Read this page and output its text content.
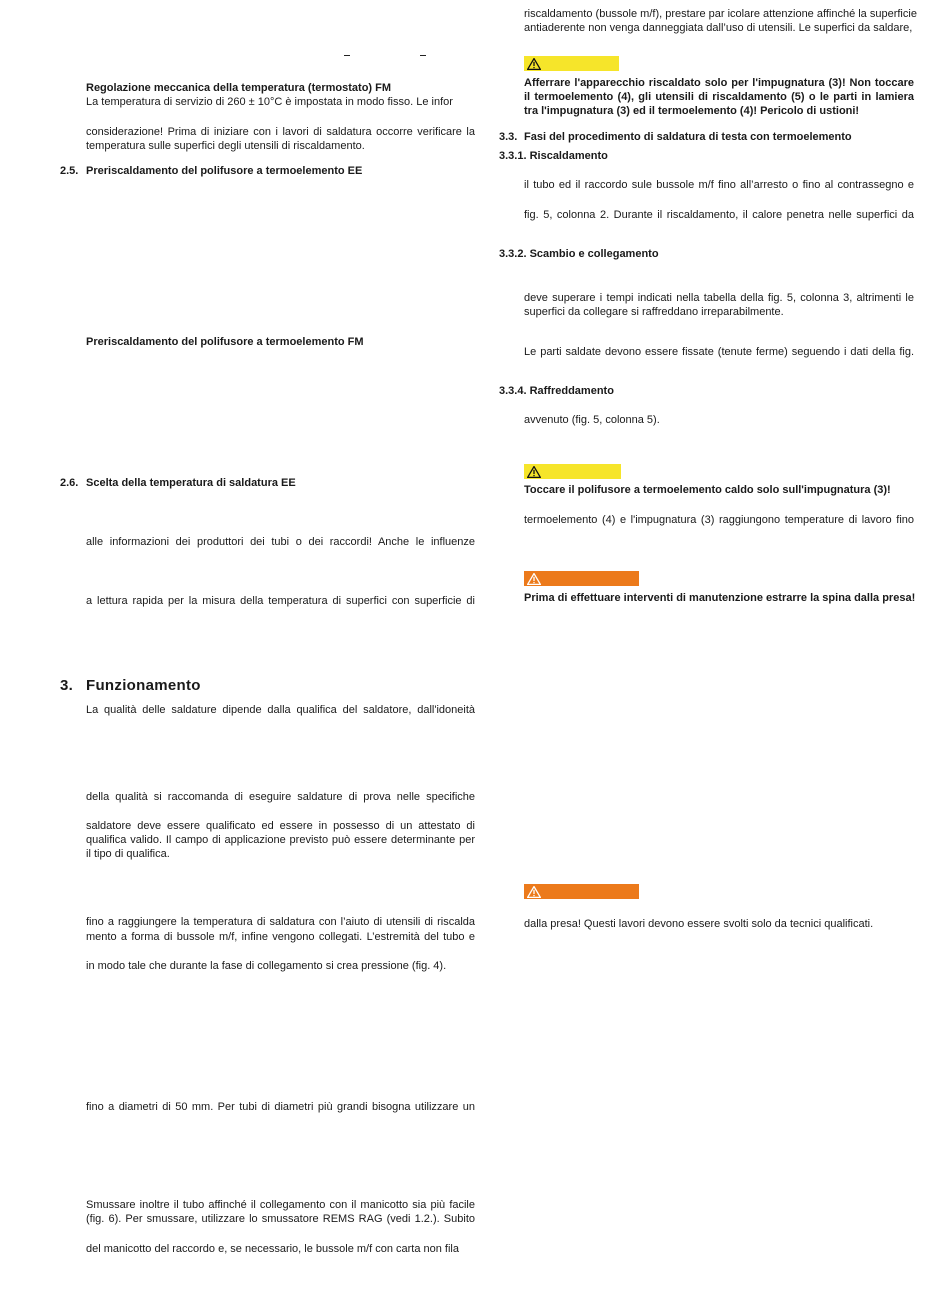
Regolazione meccanica della temperatura (termostato) FM
La temperatura di servizio di 260 ± 10°C è impostata in modo fisso. Le infor
considerazione! Prima di iniziare con i lavori di saldatura occorre verificare la
temperatura sulle superfici degli utensili di riscaldamento.
2.5. Preriscaldamento del polifusore a termoelemento EE
Preriscaldamento del polifusore a termoelemento FM
2.6. Scelta della temperatura di saldatura EE
alle informazioni dei produttori dei tubi o dei raccordi! Anche le influenze
a lettura rapida per la misura della temperatura di superfici con superficie di
3. Funzionamento
La qualità delle saldature dipende dalla qualifica del saldatore, dall'idoneità
della qualità si raccomanda di eseguire saldature di prova nelle specifiche
saldatore deve essere qualificato ed essere in possesso di un attestato di
qualifica valido. Il campo di applicazione previsto può essere determinante per
il tipo di qualifica.
fino a raggiungere la temperatura di saldatura con l’aiuto di utensili di riscalda
mento a forma di bussole m/f, infine vengono collegati. L’estremità del tubo e
in modo tale che durante la fase di collegamento si crea pressione (fig. 4).
fino a diametri di 50 mm. Per tubi di diametri più grandi bisogna utilizzare un
Smussare inoltre il tubo affinché il collegamento con il manicotto sia più facile
(fig. 6). Per smussare, utilizzare lo smussatore REMS RAG (vedi 1.2.). Subito
del manicotto del raccordo e, se necessario, le bussole m/f con carta non fila
riscaldamento (bussole m/f), prestare par icolare attenzione affinché la superficie
antiaderente non venga danneggiata dall’uso di utensili. Le superfici da saldare,
Afferrare l'apparecchio riscaldato solo per l'impugnatura (3)! Non toccare
il termoelemento (4), gli utensili di riscaldamento (5) o le parti in lamiera
tra l'impugnatura (3) ed il termoelemento (4)! Pericolo di ustioni!
3.3. Fasi del procedimento di saldatura di testa con termoelemento
3.3.1. Riscaldamento
il tubo ed il raccordo sule bussole m/f fino all’arresto o fino al contrassegno e
fig. 5, colonna 2. Durante il riscaldamento, il calore penetra nelle superfici da
3.3.2. Scambio e collegamento
deve superare i tempi indicati nella tabella della fig. 5, colonna 3, altrimenti le
superfici da collegare si raffreddano irreparabilmente.
Le parti saldate devono essere fissate (tenute ferme) seguendo i dati della fig.
3.3.4. Raffreddamento
avvenuto (fig. 5, colonna 5).
Toccare il polifusore a termoelemento caldo solo sull'impugnatura (3)!
termoelemento (4) e l'impugnatura (3) raggiungono temperature di lavoro fino
Prima di effettuare interventi di manutenzione estrarre la spina dalla presa!
dalla presa! Questi lavori devono essere svolti solo da tecnici qualificati.
